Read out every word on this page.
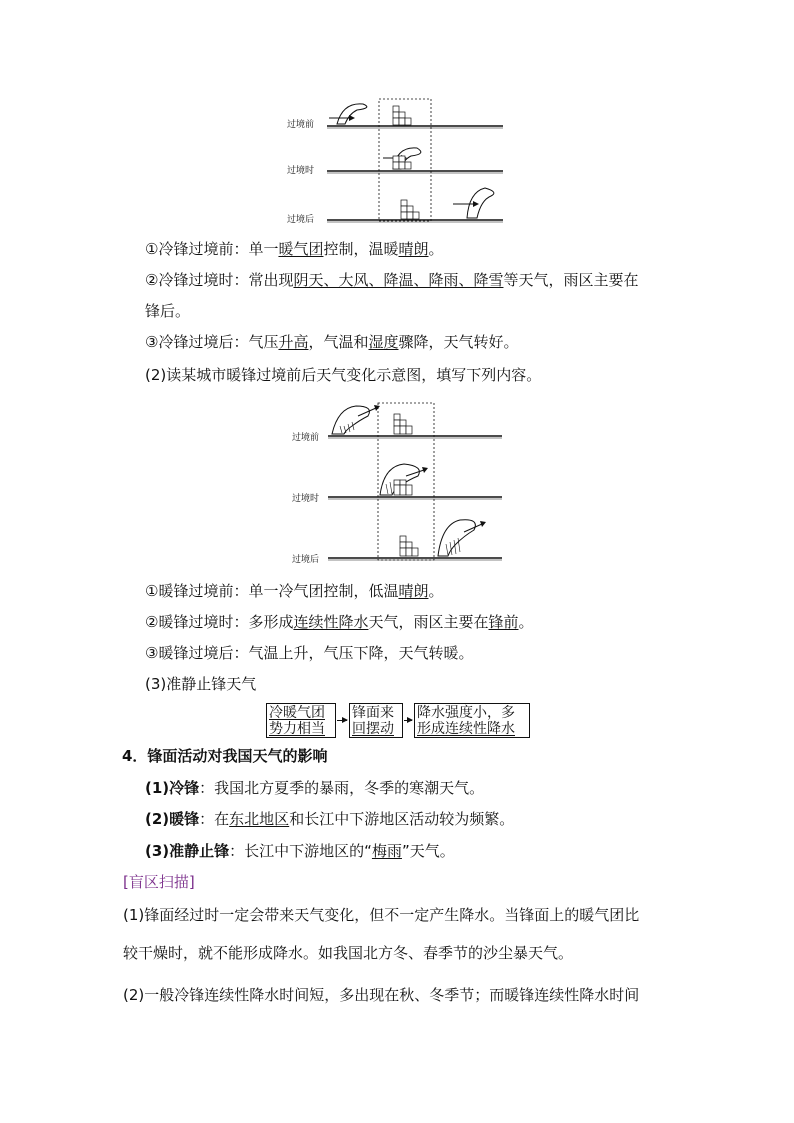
过境前
过境时
过境后
①冷锋过境前：单一暖气团控制，温暖晴朗。
②冷锋过境时：常出现阴天、大风、降温、降雨、降雪等天气，雨区主要在
锋后。
③冷锋过境后：气压升高，气温和湿度骤降，天气转好。
(2)读某城市暖锋过境前后天气变化示意图，填写下列内容。
过境前
过境时
过境后
①暖锋过境前：单一冷气团控制，低温晴朗。
②暖锋过境时：多形成连续性降水天气，雨区主要在锋前。
③暖锋过境后：气温上升，气压下降，天气转暖。
(3)准静止锋天气
冷暖气团
势力相当
锋面来
回摆动
降水强度小，多
形成连续性降水
4．锋面活动对我国天气的影响
(1)冷锋：我国北方夏季的暴雨，冬季的寒潮天气。
(2)暖锋：在东北地区和长江中下游地区活动较为频繁。
(3)准静止锋：长江中下游地区的“梅雨”天气。
[盲区扫描]
(1)锋面经过时一定会带来天气变化，但不一定产生降水。当锋面上的暖气团比
较干燥时，就不能形成降水。如我国北方冬、春季节的沙尘暴天气。
(2)一般冷锋连续性降水时间短，多出现在秋、冬季节；而暖锋连续性降水时间
